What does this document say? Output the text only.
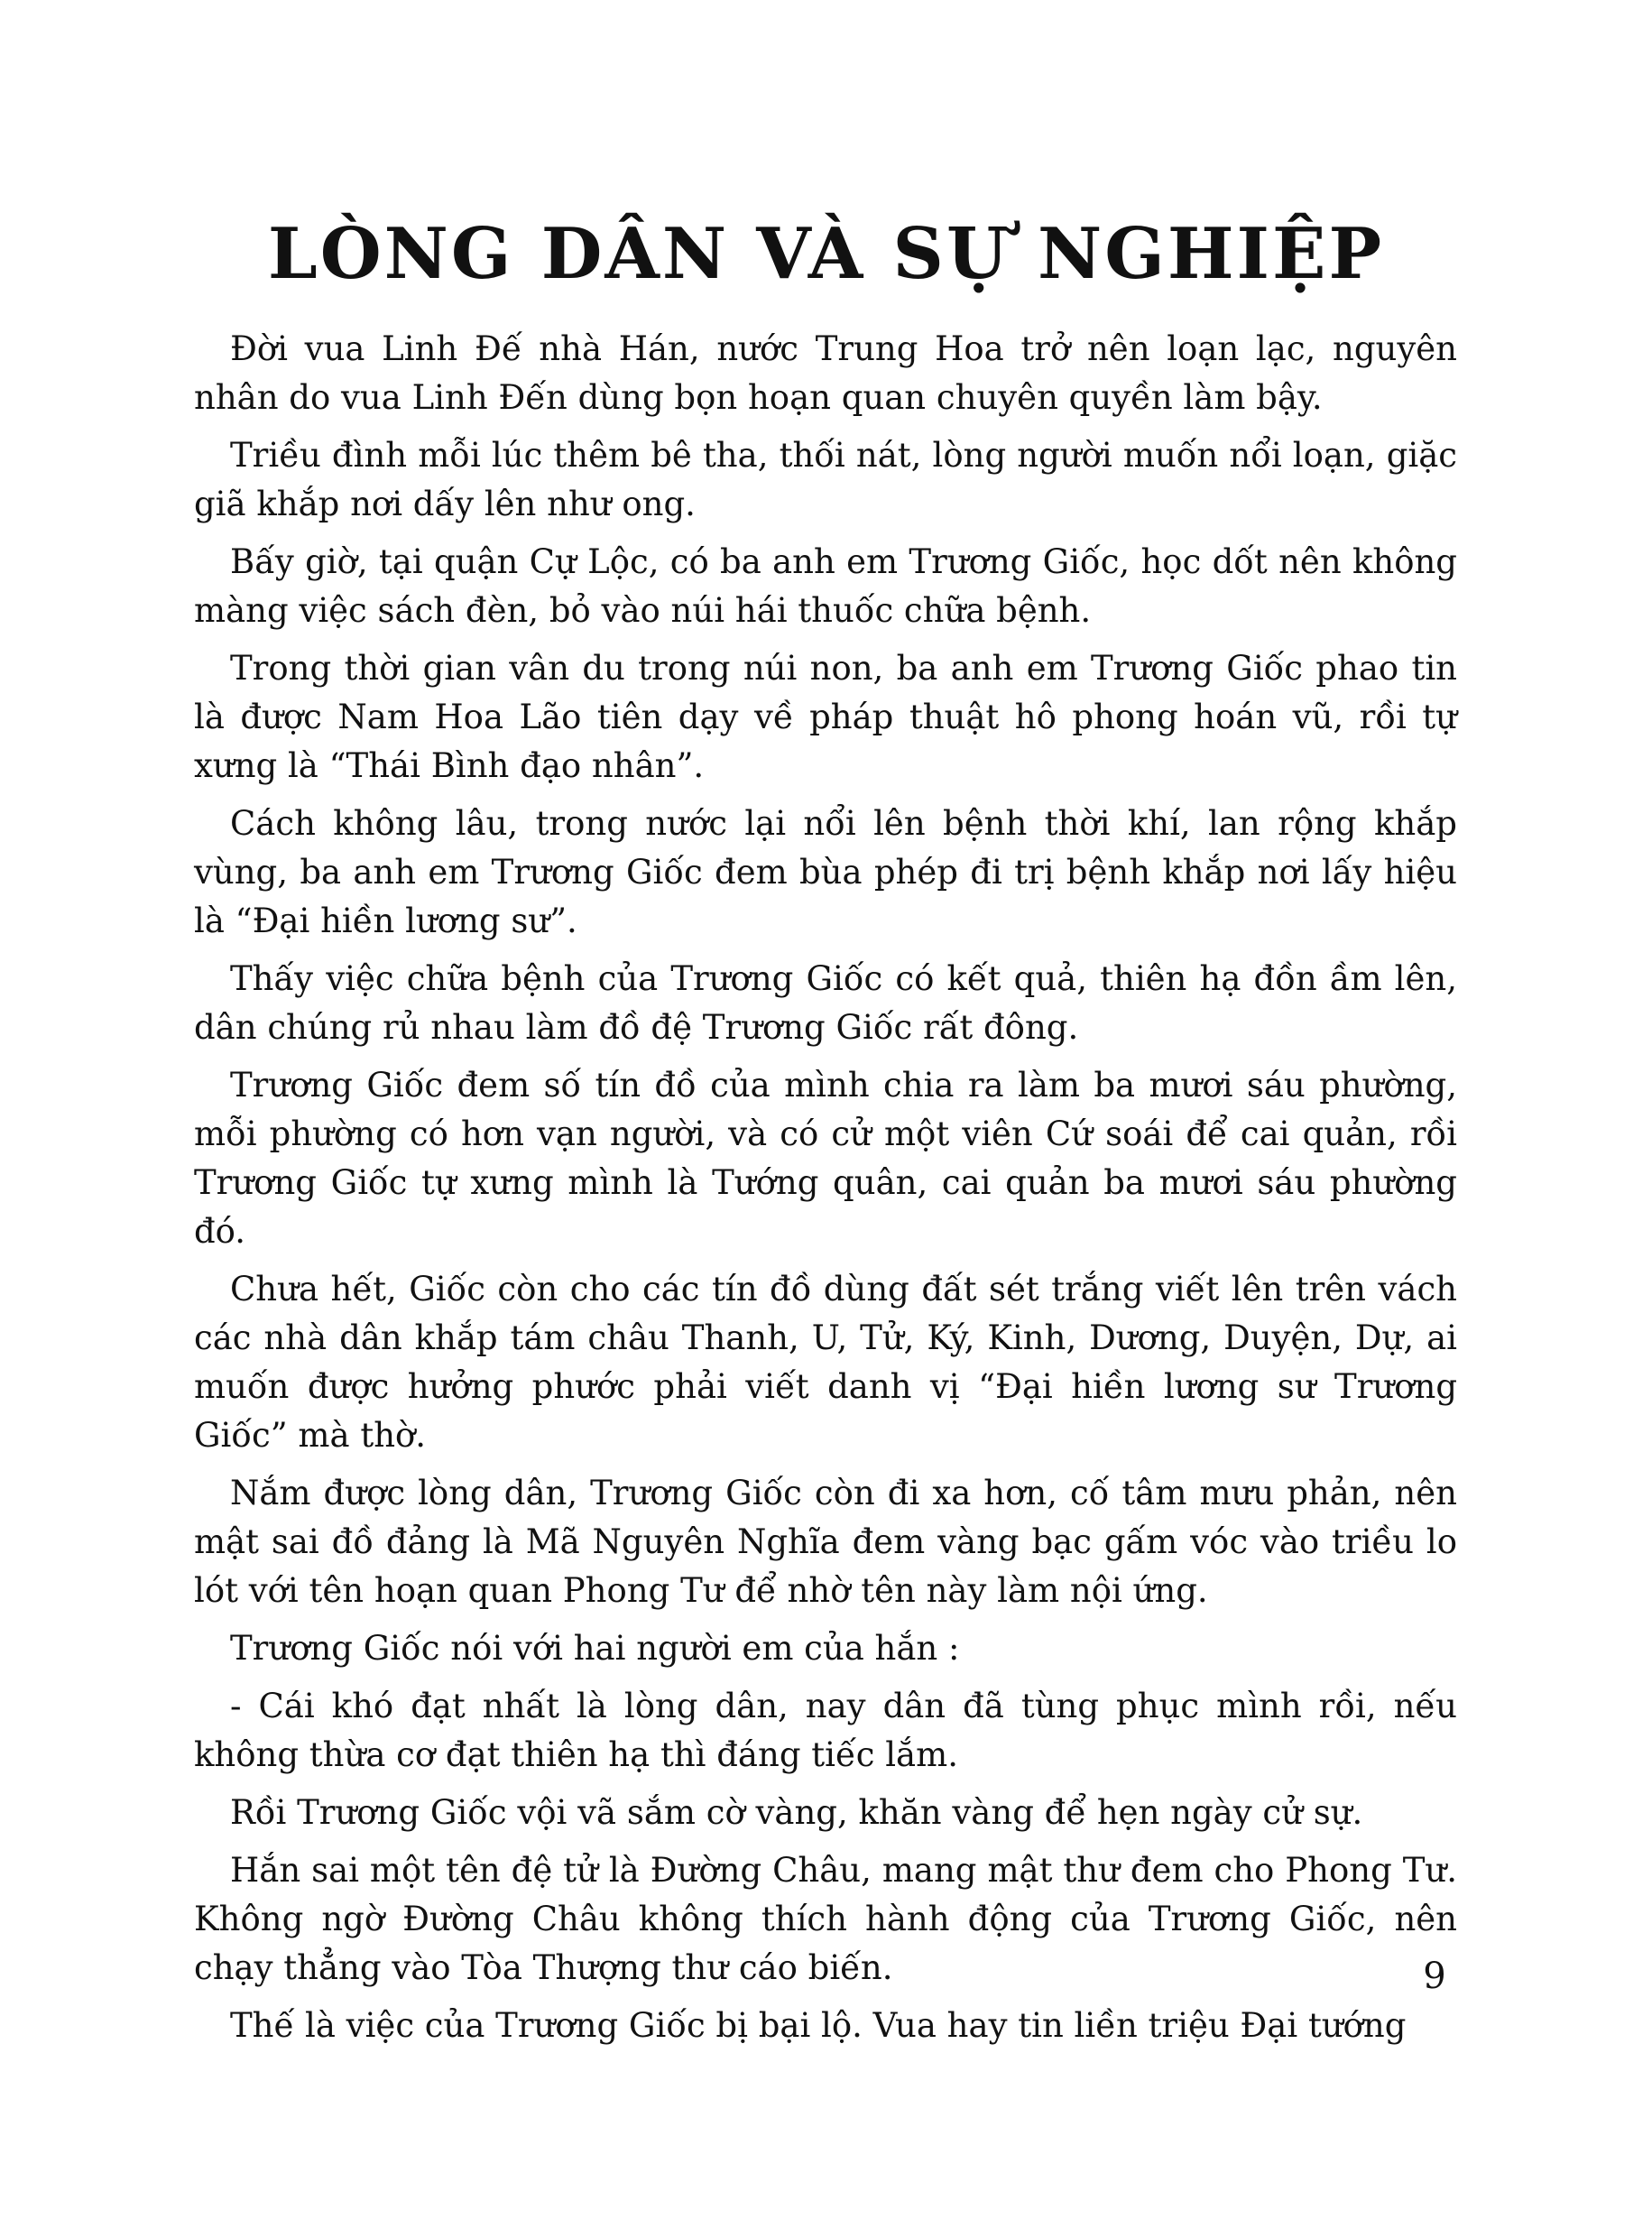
LÒNG DÂN VÀ SỰ NGHIỆP

Đời vua Linh Đế nhà Hán, nước Trung Hoa trở nên loạn lạc, nguyên nhân do vua Linh Đến dùng bọn hoạn quan chuyên quyền làm bậy.

Triều đình mỗi lúc thêm bê tha, thối nát, lòng người muốn nổi loạn, giặc giã khắp nơi dấy lên như ong.

Bấy giờ, tại quận Cự Lộc, có ba anh em Trương Giốc, học dốt nên không màng việc sách đèn, bỏ vào núi hái thuốc chữa bệnh.

Trong thời gian vân du trong núi non, ba anh em Trương Giốc phao tin là được Nam Hoa Lão tiên dạy về pháp thuật hô phong hoán vũ, rồi tự xưng là “Thái Bình đạo nhân”.

Cách không lâu, trong nước lại nổi lên bệnh thời khí, lan rộng khắp vùng, ba anh em Trương Giốc đem bùa phép đi trị bệnh khắp nơi lấy hiệu là “Đại hiền lương sư”.

Thấy việc chữa bệnh của Trương Giốc có kết quả, thiên hạ đồn ầm lên, dân chúng rủ nhau làm đồ đệ Trương Giốc rất đông.

Trương Giốc đem số tín đồ của mình chia ra làm ba mươi sáu phường, mỗi phường có hơn vạn người, và có cử một viên Cứ soái để cai quản, rồi Trương Giốc tự xưng mình là Tướng quân, cai quản ba mươi sáu phường đó.

Chưa hết, Giốc còn cho các tín đồ dùng đất sét trắng viết lên trên vách các nhà dân khắp tám châu Thanh, U, Tử, Ký, Kinh, Dương, Duyện, Dự, ai muốn được hưởng phước phải viết danh vị “Đại hiền lương sư Trương Giốc” mà thờ.

Nắm được lòng dân, Trương Giốc còn đi xa hơn, cố tâm mưu phản, nên mật sai đồ đảng là Mã Nguyên Nghĩa đem vàng bạc gấm vóc vào triều lo lót với tên hoạn quan Phong Tư để nhờ tên này làm nội ứng.

Trương Giốc nói với hai người em của hắn :

- Cái khó đạt nhất là lòng dân, nay dân đã tùng phục mình rồi, nếu không thừa cơ đạt thiên hạ thì đáng tiếc lắm.

Rồi Trương Giốc vội vã sắm cờ vàng, khăn vàng để hẹn ngày cử sự.

Hắn sai một tên đệ tử là Đường Châu, mang mật thư đem cho Phong Tư. Không ngờ Đường Châu không thích hành động của Trương Giốc, nên chạy thẳng vào Tòa Thượng thư cáo biến.

Thế là việc của Trương Giốc bị bại lộ. Vua hay tin liền triệu Đại tướng

9
